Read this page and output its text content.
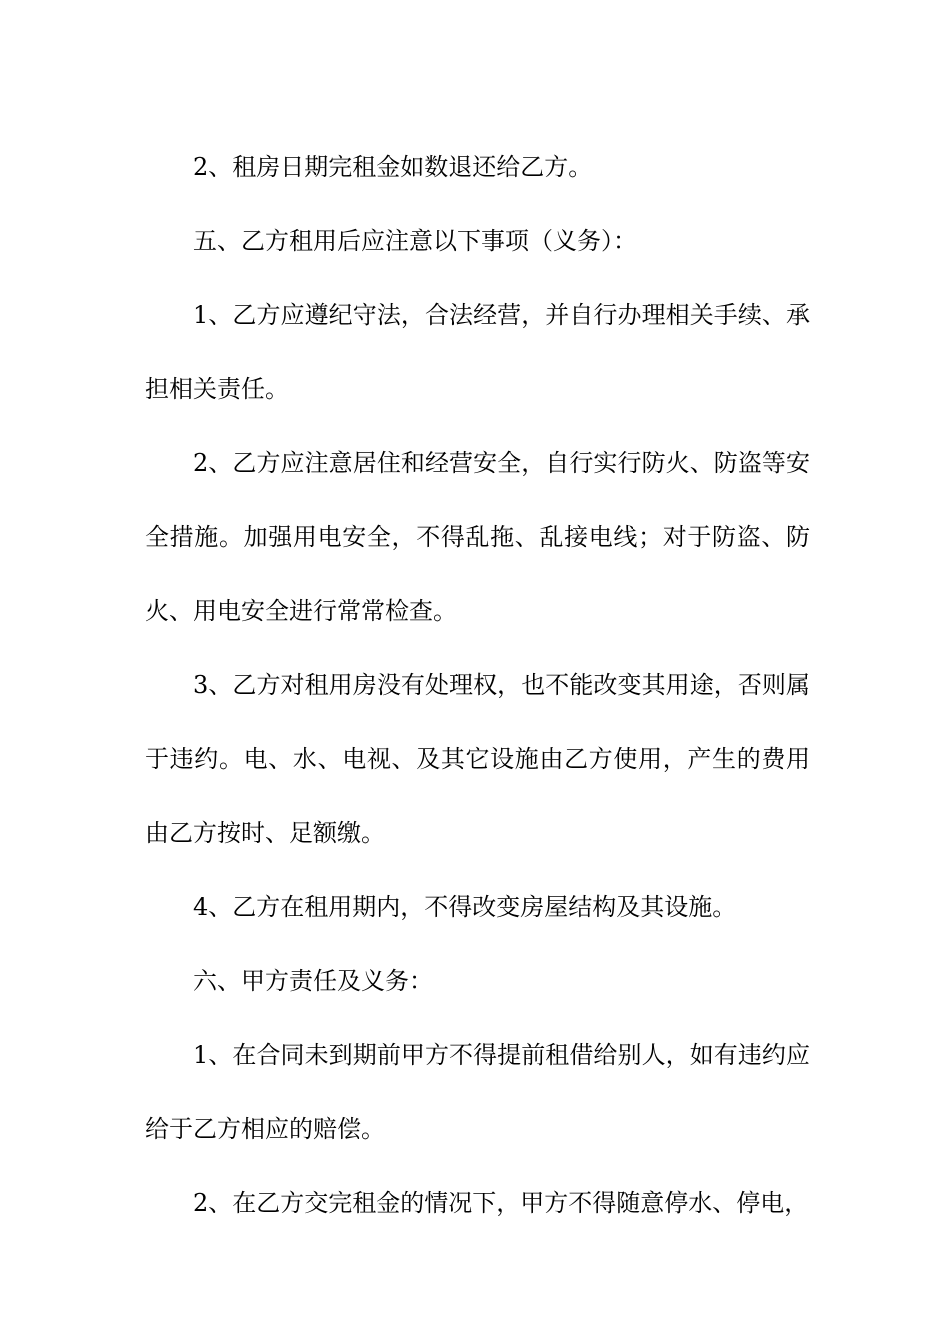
2、租房日期完租金如数退还给乙方。

五、乙方租用后应注意以下事项（义务）：

1、乙方应遵纪守法，合法经营，并自行办理相关手续、承担相关责任。

2、乙方应注意居住和经营安全，自行实行防火、防盗等安全措施。加强用电安全，不得乱拖、乱接电线；对于防盗、防火、用电安全进行常常检查。

3、乙方对租用房没有处理权，也不能改变其用途，否则属于违约。电、水、电视、及其它设施由乙方使用，产生的费用由乙方按时、足额缴。

4、乙方在租用期内，不得改变房屋结构及其设施。

六、甲方责任及义务：

1、在合同未到期前甲方不得提前租借给别人，如有违约应给于乙方相应的赔偿。

2、在乙方交完租金的情况下，甲方不得随意停水、停电，
